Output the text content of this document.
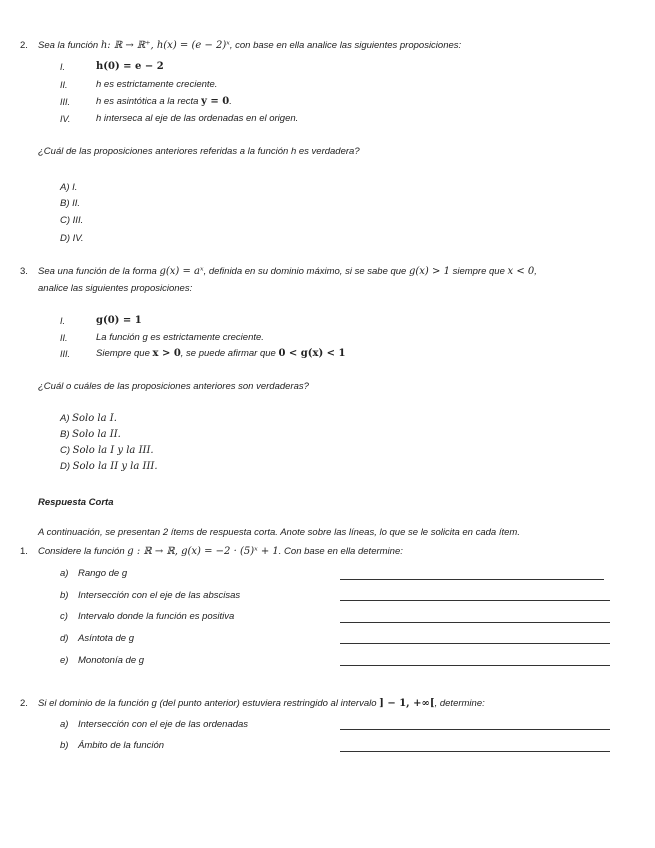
2. Sea la función h: ℝ → ℝ⁺, h(x) = (e − 2)ˣ, con base en ella analice las siguientes proposiciones:
I.	h(0) = e − 2
II.	h es estrictamente creciente.
III.	h es asintótica a la recta y = 0.
IV.	h interseca al eje de las ordenadas en el origen.
¿Cuál de las proposiciones anteriores referidas a la función h es verdadera?
A) I.
B) II.
C) III.
D) IV.
3. Sea una función de la forma g(x) = aˣ, definida en su dominio máximo, si se sabe que g(x) > 1 siempre que x < 0,
analice las siguientes proposiciones:
I.	g(0) = 1
II.	La función g es estrictamente creciente.
III.	Siempre que x > 0, se puede afirmar que 0 < g(x) < 1
¿Cuál o cuáles de las proposiciones anteriores son verdaderas?
A) Solo la I.
B) Solo la II.
C) Solo la I y la III.
D) Solo la II y la III.
Respuesta Corta
A continuación, se presentan 2 ítems de respuesta corta. Anote sobre las líneas, lo que se le solicita en cada ítem.
1. Considere la función g : ℝ → ℝ, g(x) = −2 · (5)ˣ + 1. Con base en ella determine:
a) Rango de g
b) Intersección con el eje de las abscisas
c) Intervalo donde la función es positiva
d) Asíntota de g
e) Monotonía de g
2. Si el dominio de la función g (del punto anterior) estuviera restringido al intervalo ] − 1, +∞[, determine:
a) Intersección con el eje de las ordenadas
b) Ámbito de la función
